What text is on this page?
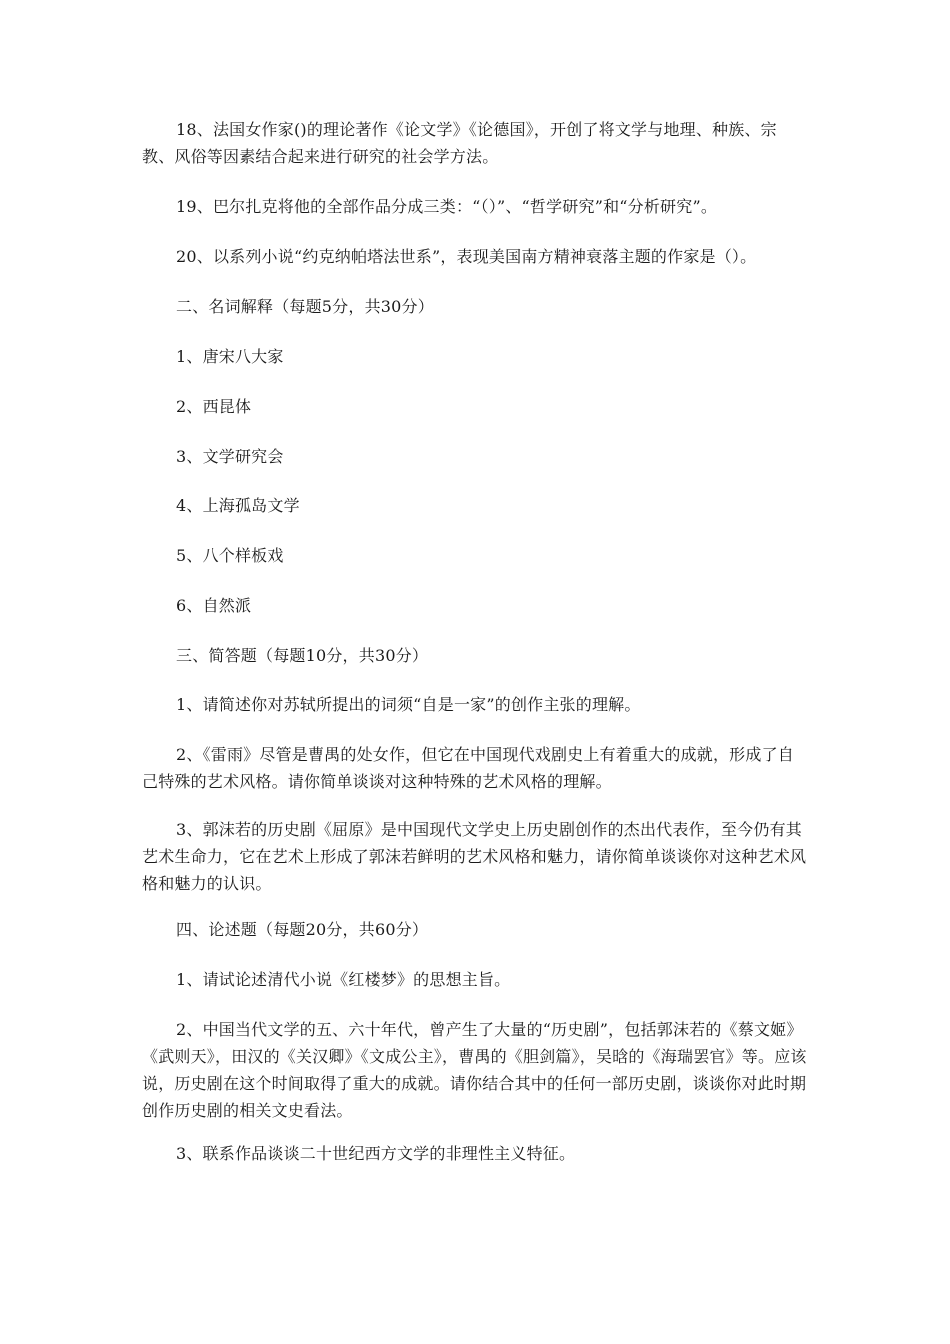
18、法国女作家()的理论著作《论文学》《论德国》，开创了将文学与地理、种族、宗教、风俗等因素结合起来进行研究的社会学方法。

19、巴尔扎克将他的全部作品分成三类：“（）”、“哲学研究”和“分析研究”。

20、以系列小说“约克纳帕塔法世系”，表现美国南方精神衰落主题的作家是（）。

二、名词解释（每题5分，共30分）

1、唐宋八大家

2、西昆体

3、文学研究会

4、上海孤岛文学

5、八个样板戏

6、自然派

三、简答题（每题10分，共30分）

1、请简述你对苏轼所提出的词须“自是一家”的创作主张的理解。

2、《雷雨》尽管是曹禺的处女作，但它在中国现代戏剧史上有着重大的成就，形成了自己特殊的艺术风格。请你简单谈谈对这种特殊的艺术风格的理解。

3、郭沫若的历史剧《屈原》是中国现代文学史上历史剧创作的杰出代表作，至今仍有其艺术生命力，它在艺术上形成了郭沫若鲜明的艺术风格和魅力，请你简单谈谈你对这种艺术风格和魅力的认识。

四、论述题（每题20分，共60分）

1、请试论述清代小说《红楼梦》的思想主旨。

2、中国当代文学的五、六十年代，曾产生了大量的“历史剧”，包括郭沫若的《蔡文姬》《武则天》，田汉的《关汉卿》《文成公主》，曹禺的《胆剑篇》，吴晗的《海瑞罢官》等。应该说，历史剧在这个时间取得了重大的成就。请你结合其中的任何一部历史剧，谈谈你对此时期创作历史剧的相关文史看法。

3、联系作品谈谈二十世纪西方文学的非理性主义特征。
